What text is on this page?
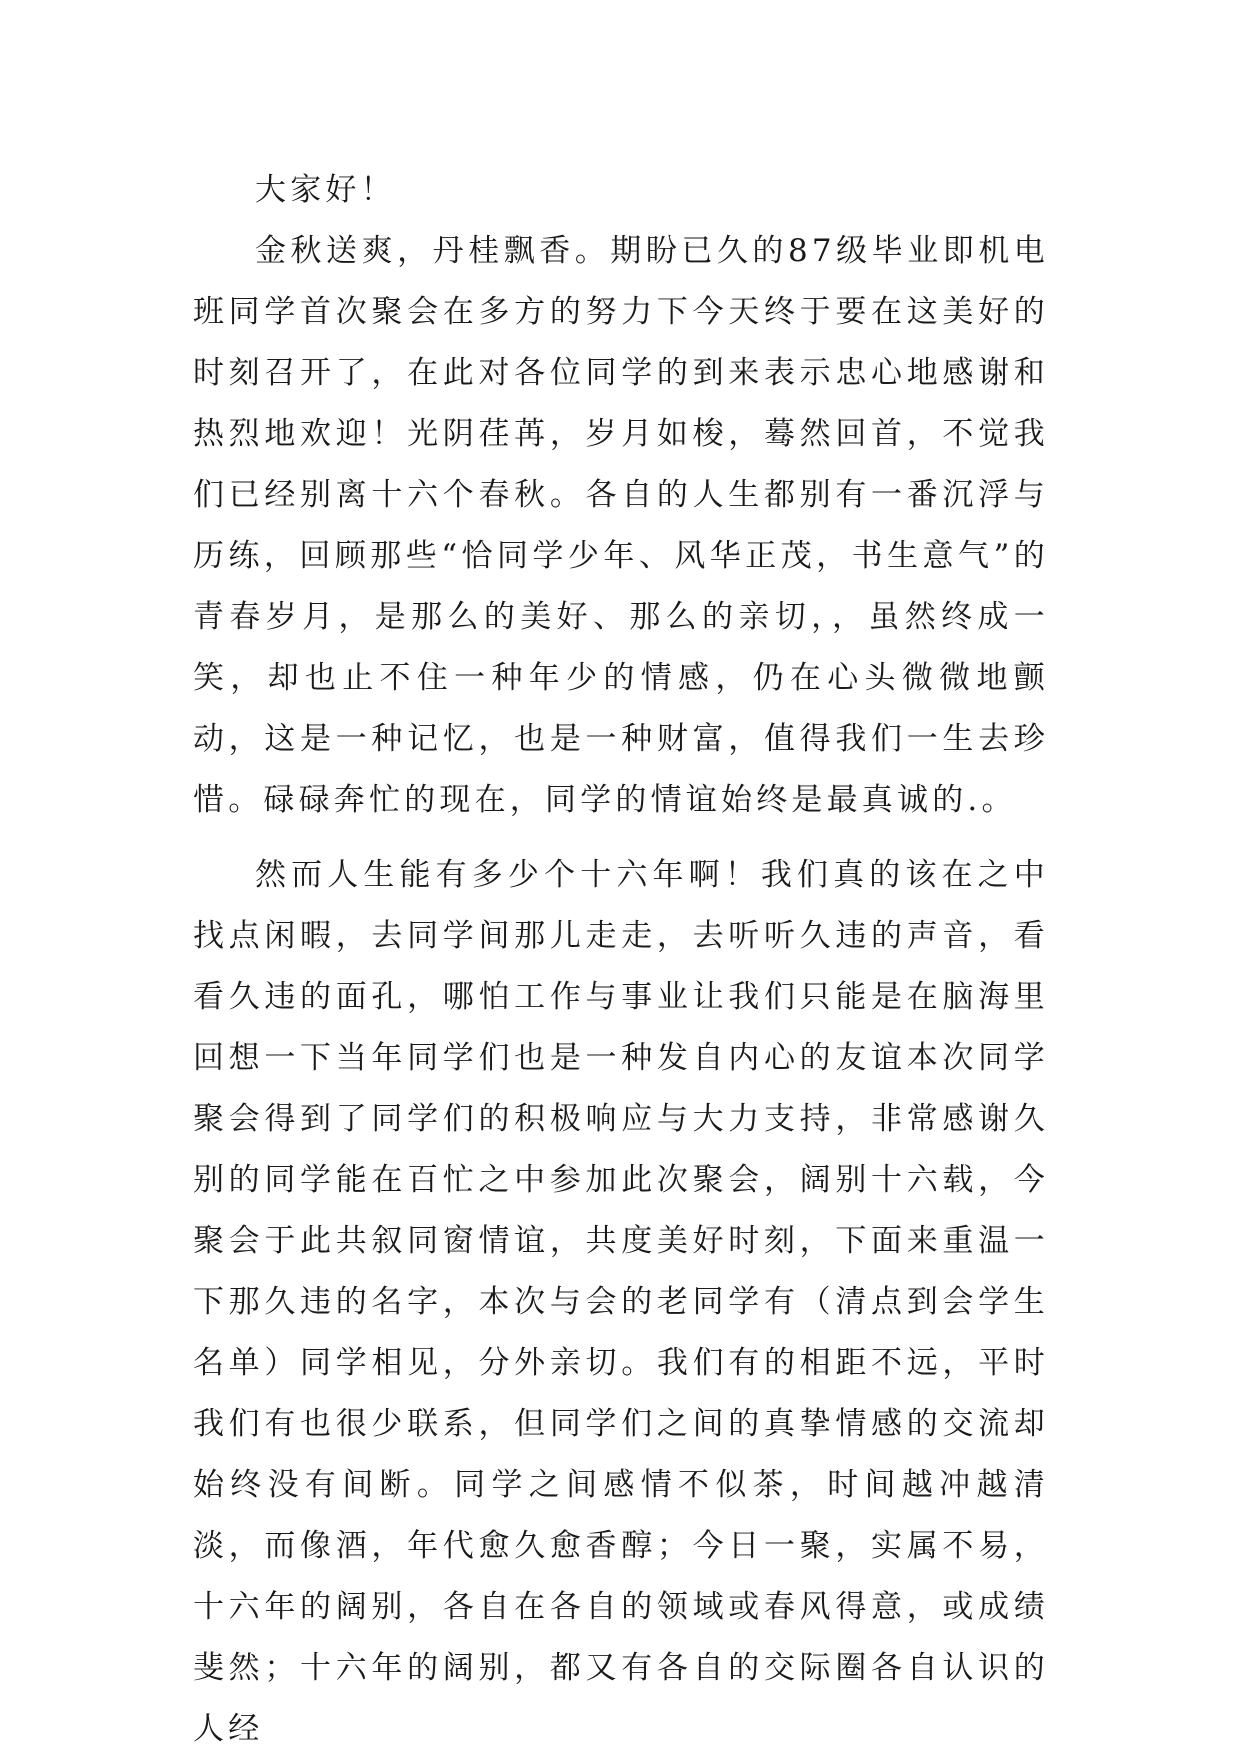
大家好！

金秋送爽，丹桂飘香。期盼已久的87级毕业即机电班同学首次聚会在多方的努力下今天终于要在这美好的时刻召开了，在此对各位同学的到来表示忠心地感谢和热烈地欢迎！光阴荏苒，岁月如梭，蓦然回首，不觉我们已经别离十六个春秋。各自的人生都别有一番沉浮与历练，回顾那些“恰同学少年、风华正茂，书生意气”的青春岁月，是那么的美好、那么的亲切，，虽然终成一笑，却也止不住一种年少的情感，仍在心头微微地颤动，这是一种记忆，也是一种财富，值得我们一生去珍惜。碌碌奔忙的现在，同学的情谊始终是最真诚的.。

然而人生能有多少个十六年啊！我们真的该在之中找点闲暇，去同学间那儿走走，去听听久违的声音，看看久违的面孔，哪怕工作与事业让我们只能是在脑海里回想一下当年同学们也是一种发自内心的友谊本次同学聚会得到了同学们的积极响应与大力支持，非常感谢久别的同学能在百忙之中参加此次聚会，阔别十六载，今聚会于此共叙同窗情谊，共度美好时刻，下面来重温一下那久违的名字，本次与会的老同学有（清点到会学生名单）同学相见，分外亲切。我们有的相距不远，平时我们有也很少联系，但同学们之间的真挚情感的交流却始终没有间断。同学之间感情不似茶，时间越冲越清淡，而像酒，年代愈久愈香醇；今日一聚，实属不易，十六年的阔别，各自在各自的领域或春风得意，或成绩斐然；十六年的阔别，都又有各自的交际圈各自认识的人经
